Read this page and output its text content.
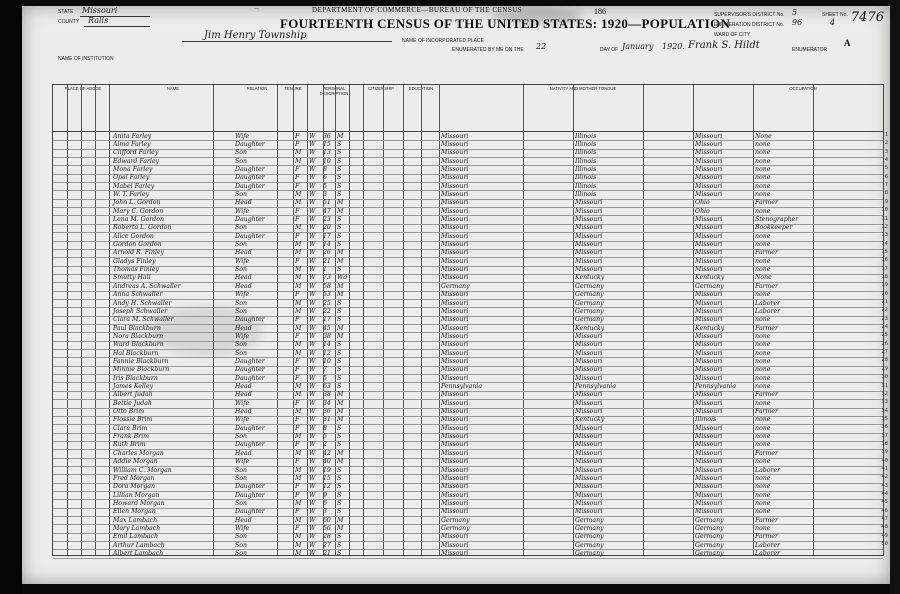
—	DEPARTMENT OF COMMERCE—BUREAU OF THE CENSUS	186
FOURTEENTH CENSUS OF THE UNITED STATES: 1920—POPULATION	7476
STATE Missouri
COUNTY Ralls
Jim Henry Township
NAME OF INSTITUTION
NAME OF INCORPORATED PLACE
ENUMERATED BY ME ON THE 22	DAY OF January 1920. Frank S. Hildt	ENUMERATOR
SUPERVISOR'S DISTRICT No. 5
ENUMERATION DISTRICT No. 96
SHEET No.
4
A
WARD OF CITY
PLACE OF ABODE	NAME	RELATION	TENURE	PERSONAL DESCRIPTION
CITIZENSHIP	EDUCATION	NATIVITY AND MOTHER TONGUE	OCCUPATION
Anita Farley	Wife	F W 36 M	Missouri	Illinois	Missouri	None
Alma Farley	Daughter	F W 15 S	Missouri	Illinois	Missouri	none
Clifford Farley	Son	M W 13 S	Missouri	Illinois	Missouri	none
Edward Farley	Son	M W 10 S	Missouri	Illinois	Missouri	none
Mona Farley	Daughter	F W 8 S	Missouri	Illinois	Missouri	none
Opal Farley	Daughter	F W 6 S	Missouri	Illinois	Missouri	none
Mabel Farley	Daughter	F W 5 S	Missouri	Illinois	Missouri	none
W. T. Farley	Son	M W 3 S	Missouri	Illinois	Missouri	none
John L. Gordon	Head	M W 51 M	Missouri	Missouri	Ohio	Farmer
Mary C. Gordon	Wife	F W 47 M	Missouri	Missouri	Ohio	none
Lena M. Gordon	Daughter	F W 23 S	Missouri	Missouri	Missouri	Stenographer
Roberta L. Gordon	Son	M W 20 S	Missouri	Missouri	Missouri	Bookkeeper
Alice Gordon	Daughter	F W 17 S	Missouri	Missouri	Missouri	none
Gordon Gordon	Son	M W 14 S	Missouri	Missouri	Missouri	none
Arnold R. Finley	Head	M W 26 M	Missouri	Missouri	Missouri	Farmer
Gladys Finley	Wife	F W 21 M	Missouri	Missouri	Missouri	none
Thomas Finley	Son	M W 1 S	Missouri	Missouri	Missouri	none
Smutty Hall	Head	M W 73 Wd	Missouri	Kentucky	Kentucky	None
Andreas A. Schwaller	Head	M W 58 M	Germany	Germany	Germany	Farmer
Anna Schwaller	Wife	F W 53 M	Missouri	Germany	Missouri	none
Andy H. Schwaller	Son	M W 25 S	Missouri	Germany	Missouri	Laborer
Joseph Schwaller	Son	M W 22 S	Missouri	Germany	Missouri	Laborer
Clara M. Schwaller	Daughter	F W 17 S	Missouri	Germany	Missouri	none
Paul Blackburn	Head	M W 45 M	Missouri	Kentucky	Kentucky	Farmer
Nora Blackburn	Wife	F W 38 M	Missouri	Missouri	Missouri	none
Ward Blackburn	Son	M W 14 S	Missouri	Missouri	Missouri	none
Hal Blackburn	Son	M W 12 S	Missouri	Missouri	Missouri	none
Fannie Blackburn	Daughter	F W 10 S	Missouri	Missouri	Missouri	none
Minnie Blackburn	Daughter	F W 7 S	Missouri	Missouri	Missouri	none
Iris Blackburn	Daughter	F W 5 S	Missouri	Missouri	Missouri	none
James Kelley	Head	M W 63 S	Pennsylvania	Pennsylvania	Pennsylvania	none
Albert Judah	Head	M W 38 M	Missouri	Missouri	Missouri	Farmer
Bettie Judah	Wife	F W 34 M	Missouri	Missouri	Missouri	none
Otto Brim	Head	M W 36 M	Missouri	Missouri	Missouri	Farmer
Flossie Brim	Wife	F W 31 M	Missouri	Kentucky	Illinois	none
Clara Brim	Daughter	F W 8 S	Missouri	Missouri	Missouri	none
Frank Brim	Son	M W 5 S	Missouri	Missouri	Missouri	none
Ruth Brim	Daughter	F W 2 S	Missouri	Missouri	Missouri	none
Charles Morgan	Head	M W 42 M	Missouri	Missouri	Missouri	Farmer
Addie Morgan	Wife	F W 40 M	Missouri	Missouri	Missouri	none
William C. Morgan	Son	M W 19 S	Missouri	Missouri	Missouri	Laborer
Fred Morgan	Son	M W 15 S	Missouri	Missouri	Missouri	none
Dora Morgan	Daughter	F W 12 S	Missouri	Missouri	Missouri	none
Lillian Morgan	Daughter	F W 9 S	Missouri	Missouri	Missouri	none
Howard Morgan	Son	M W 6 S	Missouri	Missouri	Missouri	none
Ellen Morgan	Daughter	F W 3 S	Missouri	Missouri	Missouri	none
Max Lambach	Head	M W 60 M	Germany	Germany	Germany	Farmer
Mary Lambach	Wife	F W 56 M	Germany	Germany	Germany	none
Emil Lambach	Son	M W 28 S	Missouri	Germany	Germany	Farmer
Arthur Lambach	Son	M W 27 S	Missouri	Germany	Germany	Laborer
Albert Lambach	Son	M W 21 S	Missouri	Germany	Germany	Laborer
1
2
3
4
5
6
7
8
9
10
11
12
13
14
15
16
17
18
19
20
21
22
23
24
25
26
27
28
29
30
31
32
33
34
35
36
37
38
39
40
41
42
43
44
45
46
47
48
49
50
